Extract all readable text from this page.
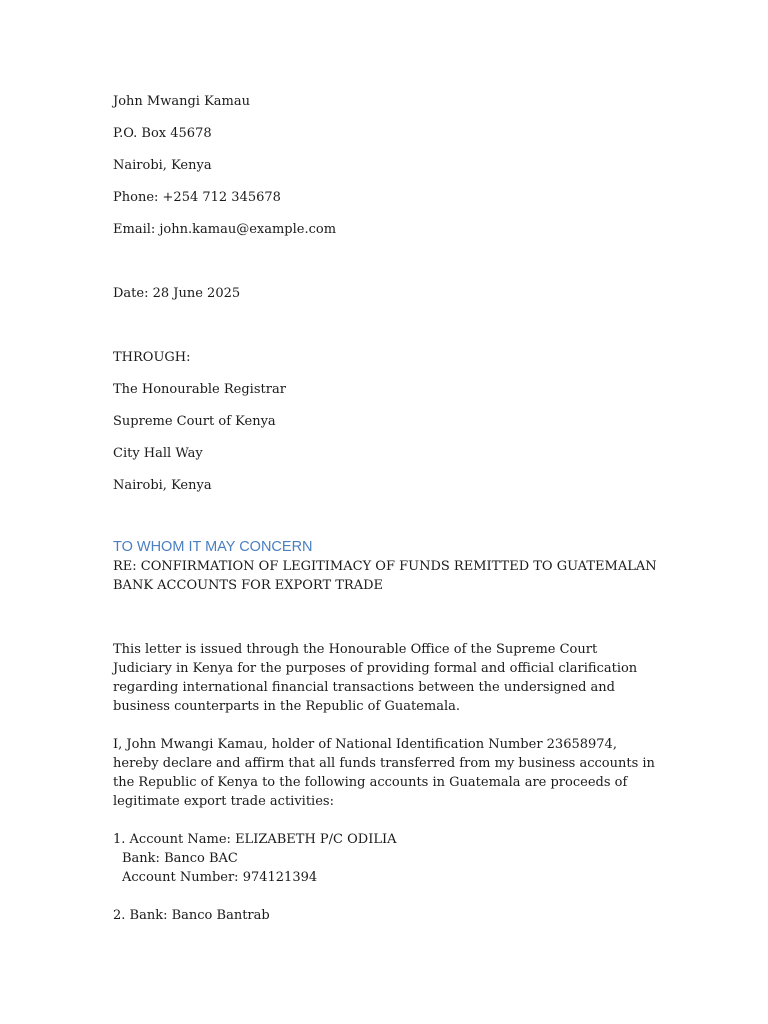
John Mwangi Kamau

P.O. Box 45678

Nairobi, Kenya

Phone: +254 712 345678

Email: john.kamau@example.com

Date: 28 June 2025

THROUGH:

The Honourable Registrar

Supreme Court of Kenya

City Hall Way

Nairobi, Kenya

TO WHOM IT MAY CONCERN

RE: CONFIRMATION OF LEGITIMACY OF FUNDS REMITTED TO GUATEMALAN BANK ACCOUNTS FOR EXPORT TRADE

This letter is issued through the Honourable Office of the Supreme Court Judiciary in Kenya for the purposes of providing formal and official clarification regarding international financial transactions between the undersigned and business counterparts in the Republic of Guatemala.

I, John Mwangi Kamau, holder of National Identification Number 23658974, hereby declare and affirm that all funds transferred from my business accounts in the Republic of Kenya to the following accounts in Guatemala are proceeds of legitimate export trade activities:

1. Account Name: ELIZABETH P/C ODILIA
Bank: Banco BAC
Account Number: 974121394
2. Bank: Banco Bantrab
